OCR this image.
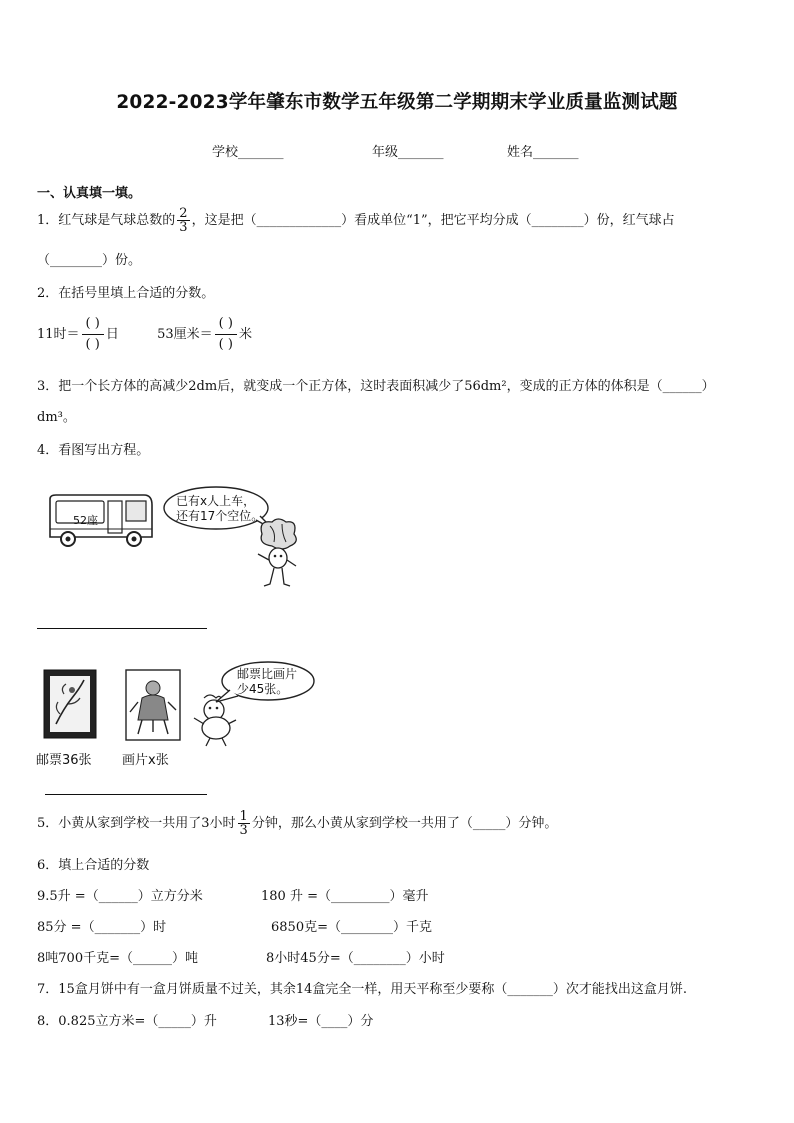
2022-2023学年肇东市数学五年级第二学期期末学业质量监测试题
学校_______	年级_______	姓名_______
一、认真填一填。
1．红气球是气球总数的 $\frac{2}{3}$ ，这是把（_____________）看成单位“1”，把它平均分成（________）份，红气球占
（________）份。
2．在括号里填上合适的分数。
11时＝
( )
( )
日	53厘米＝
( )
( )
米
3．把一个长方体的高减少2dm后，就变成一个正方体，这时表面积减少了56dm²，变成的正方体的体积是（______）
dm³。
4．看图写出方程。
52座
已有x人上车，
还有17个空位。
邮票36张 画片x张
邮票比画片
少45张。
5．小黄从家到学校一共用了3小时 $\frac{1}{3}$ 分钟，那么小黄从家到学校一共用了（_____）分钟。
6．填上合适的分数
9.5升 =（______）立方分米	180 升 =（_________）毫升
85分 =（_______）时	6850克=（________）千克
8吨700千克=（______）吨	8小时45分=（________）小时
7．15盒月饼中有一盒月饼质量不过关，其余14盒完全一样，用天平称至少要称（_______）次才能找出这盒月饼.
8．0.825立方米=（_____）升	13秒=（____）分
